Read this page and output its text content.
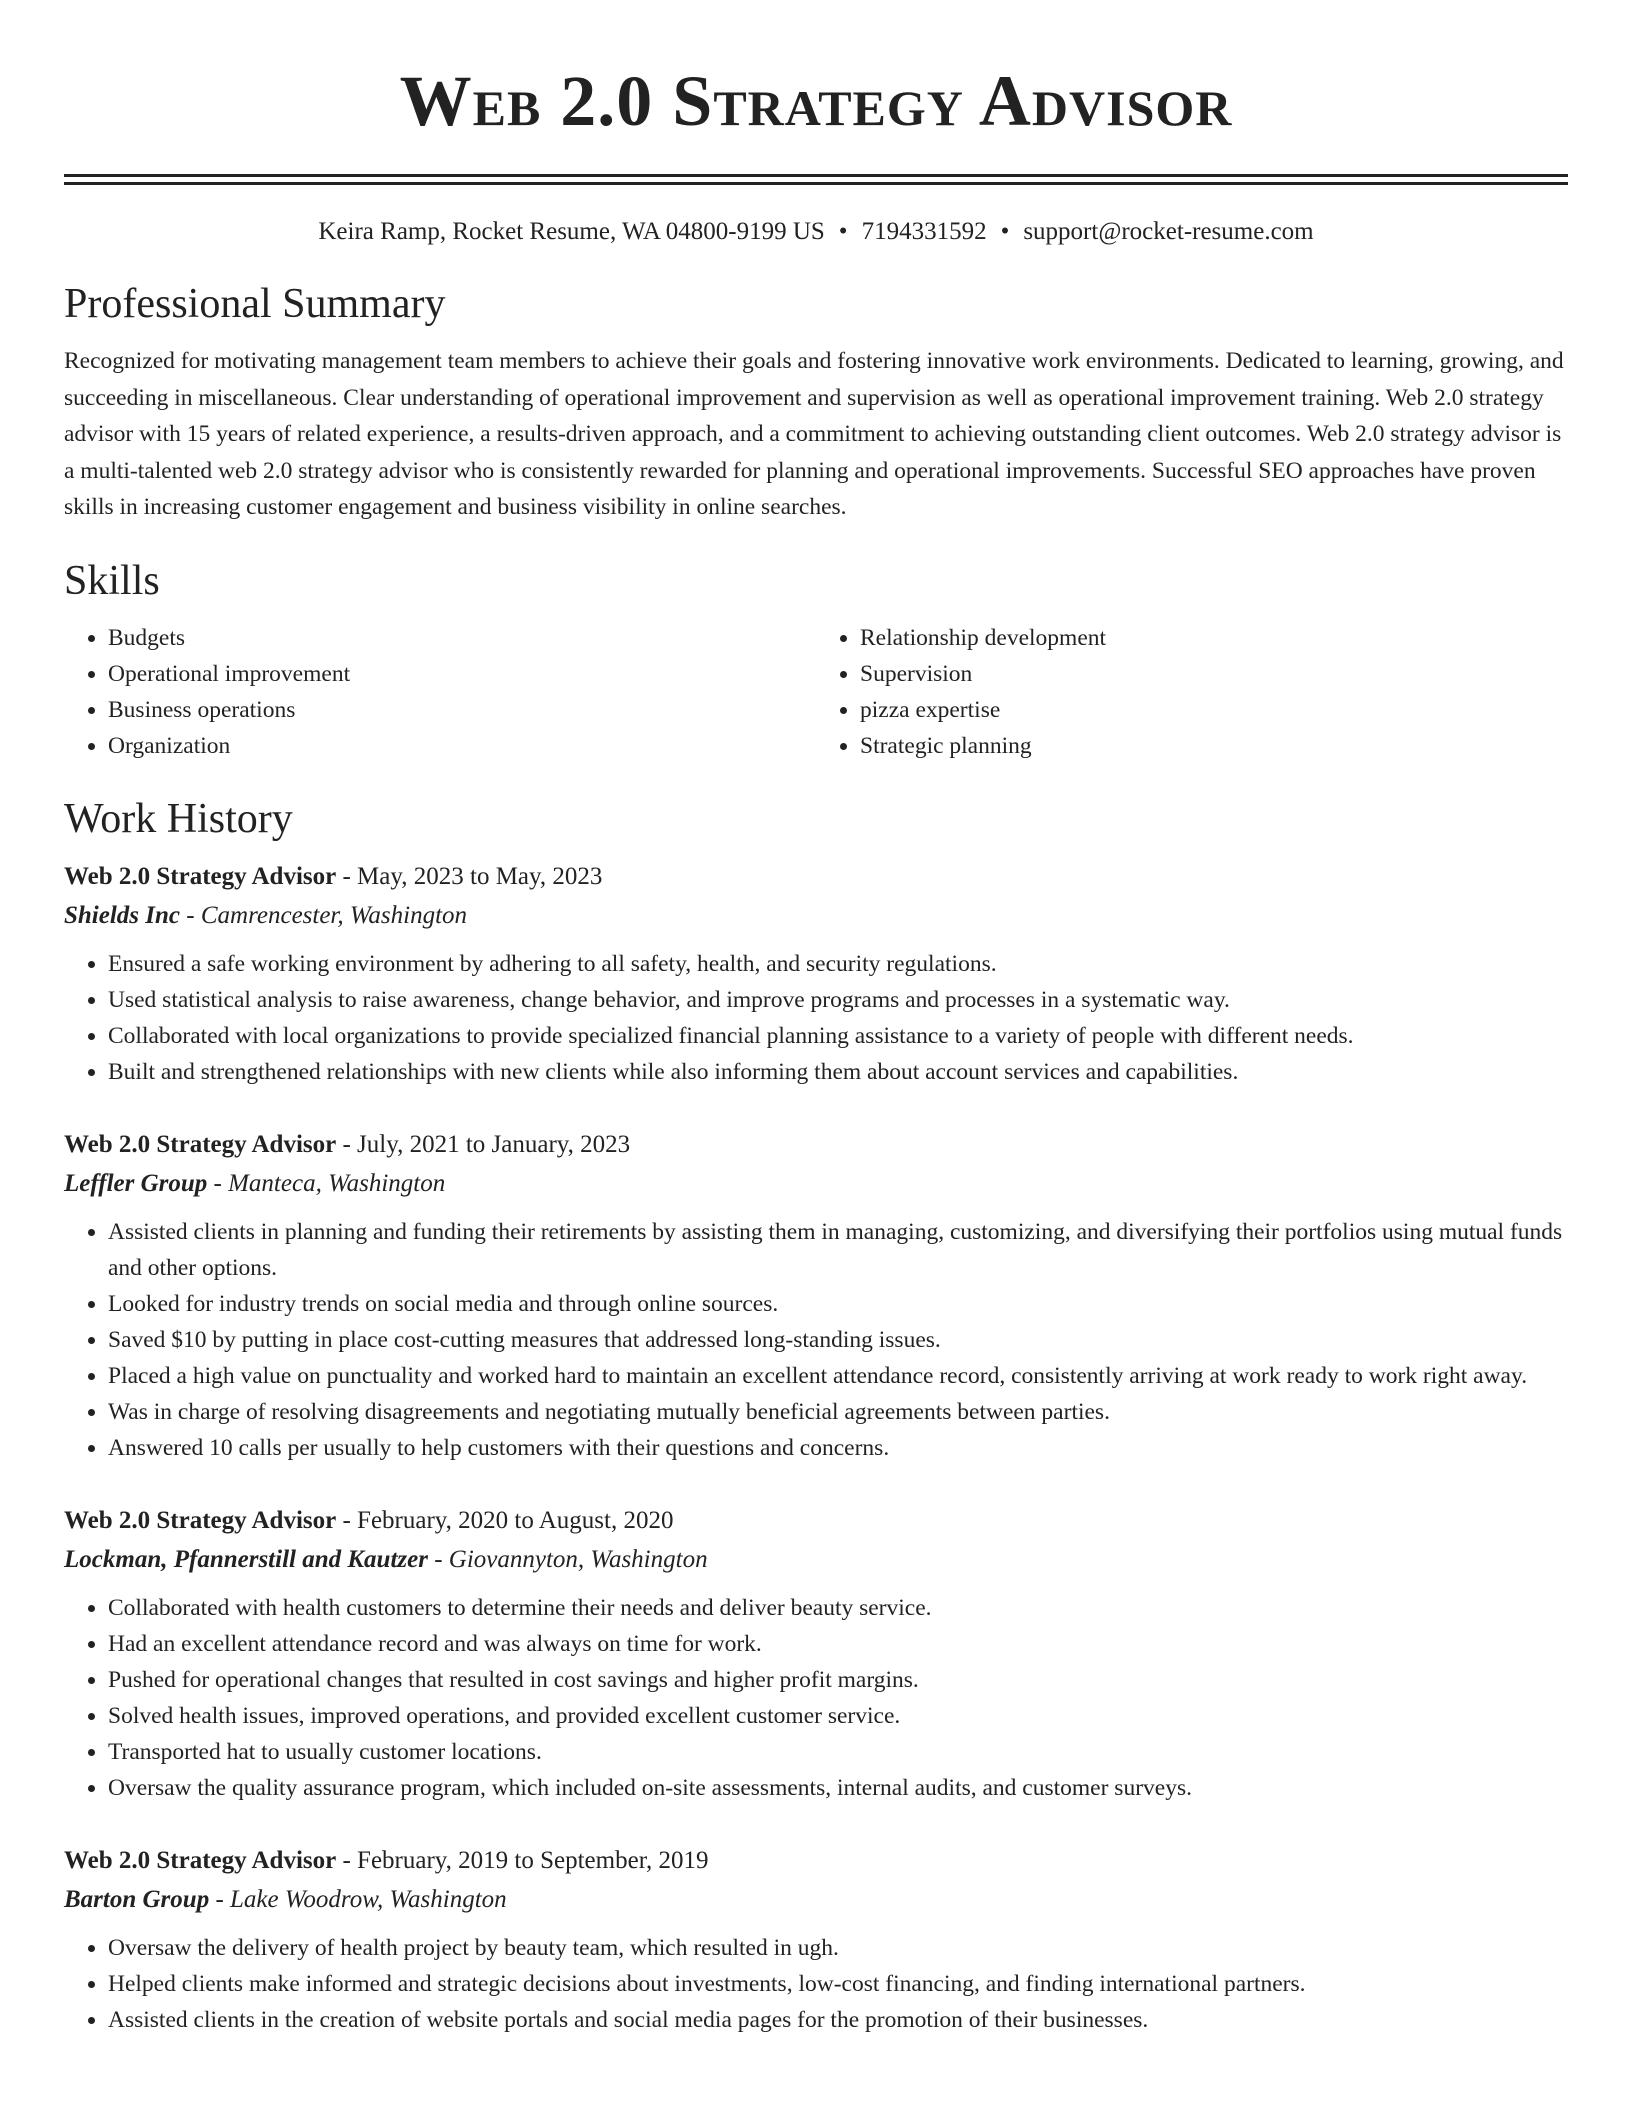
Web 2.0 Strategy Advisor
Keira Ramp, Rocket Resume, WA 04800-9199 US • 7194331592 • support@rocket-resume.com
Professional Summary

Recognized for motivating management team members to achieve their goals and fostering innovative work environments. Dedicated to learning, growing, and succeeding in miscellaneous. Clear understanding of operational improvement and supervision as well as operational improvement training. Web 2.0 strategy advisor with 15 years of related experience, a results-driven approach, and a commitment to achieving outstanding client outcomes. Web 2.0 strategy advisor is a multi-talented web 2.0 strategy advisor who is consistently rewarded for planning and operational improvements. Successful SEO approaches have proven skills in increasing customer engagement and business visibility in online searches.

Skills
• Budgets
• Operational improvement
• Business operations
• Organization
• Relationship development
• Supervision
• pizza expertise
• Strategic planning
Work History
Web 2.0 Strategy Advisor - May, 2023 to May, 2023
Shields Inc - Camrencester, Washington
• Ensured a safe working environment by adhering to all safety, health, and security regulations.
• Used statistical analysis to raise awareness, change behavior, and improve programs and processes in a systematic way.
• Collaborated with local organizations to provide specialized financial planning assistance to a variety of people with different needs.
• Built and strengthened relationships with new clients while also informing them about account services and capabilities.
Web 2.0 Strategy Advisor - July, 2021 to January, 2023
Leffler Group - Manteca, Washington
• Assisted clients in planning and funding their retirements by assisting them in managing, customizing, and diversifying their portfolios using mutual funds and other options.
• Looked for industry trends on social media and through online sources.
• Saved $10 by putting in place cost-cutting measures that addressed long-standing issues.
• Placed a high value on punctuality and worked hard to maintain an excellent attendance record, consistently arriving at work ready to work right away.
• Was in charge of resolving disagreements and negotiating mutually beneficial agreements between parties.
• Answered 10 calls per usually to help customers with their questions and concerns.
Web 2.0 Strategy Advisor - February, 2020 to August, 2020
Lockman, Pfannerstill and Kautzer - Giovannyton, Washington
• Collaborated with health customers to determine their needs and deliver beauty service.
• Had an excellent attendance record and was always on time for work.
• Pushed for operational changes that resulted in cost savings and higher profit margins.
• Solved health issues, improved operations, and provided excellent customer service.
• Transported hat to usually customer locations.
• Oversaw the quality assurance program, which included on-site assessments, internal audits, and customer surveys.
Web 2.0 Strategy Advisor - February, 2019 to September, 2019
Barton Group - Lake Woodrow, Washington
• Oversaw the delivery of health project by beauty team, which resulted in ugh.
• Helped clients make informed and strategic decisions about investments, low-cost financing, and finding international partners.
• Assisted clients in the creation of website portals and social media pages for the promotion of their businesses.
